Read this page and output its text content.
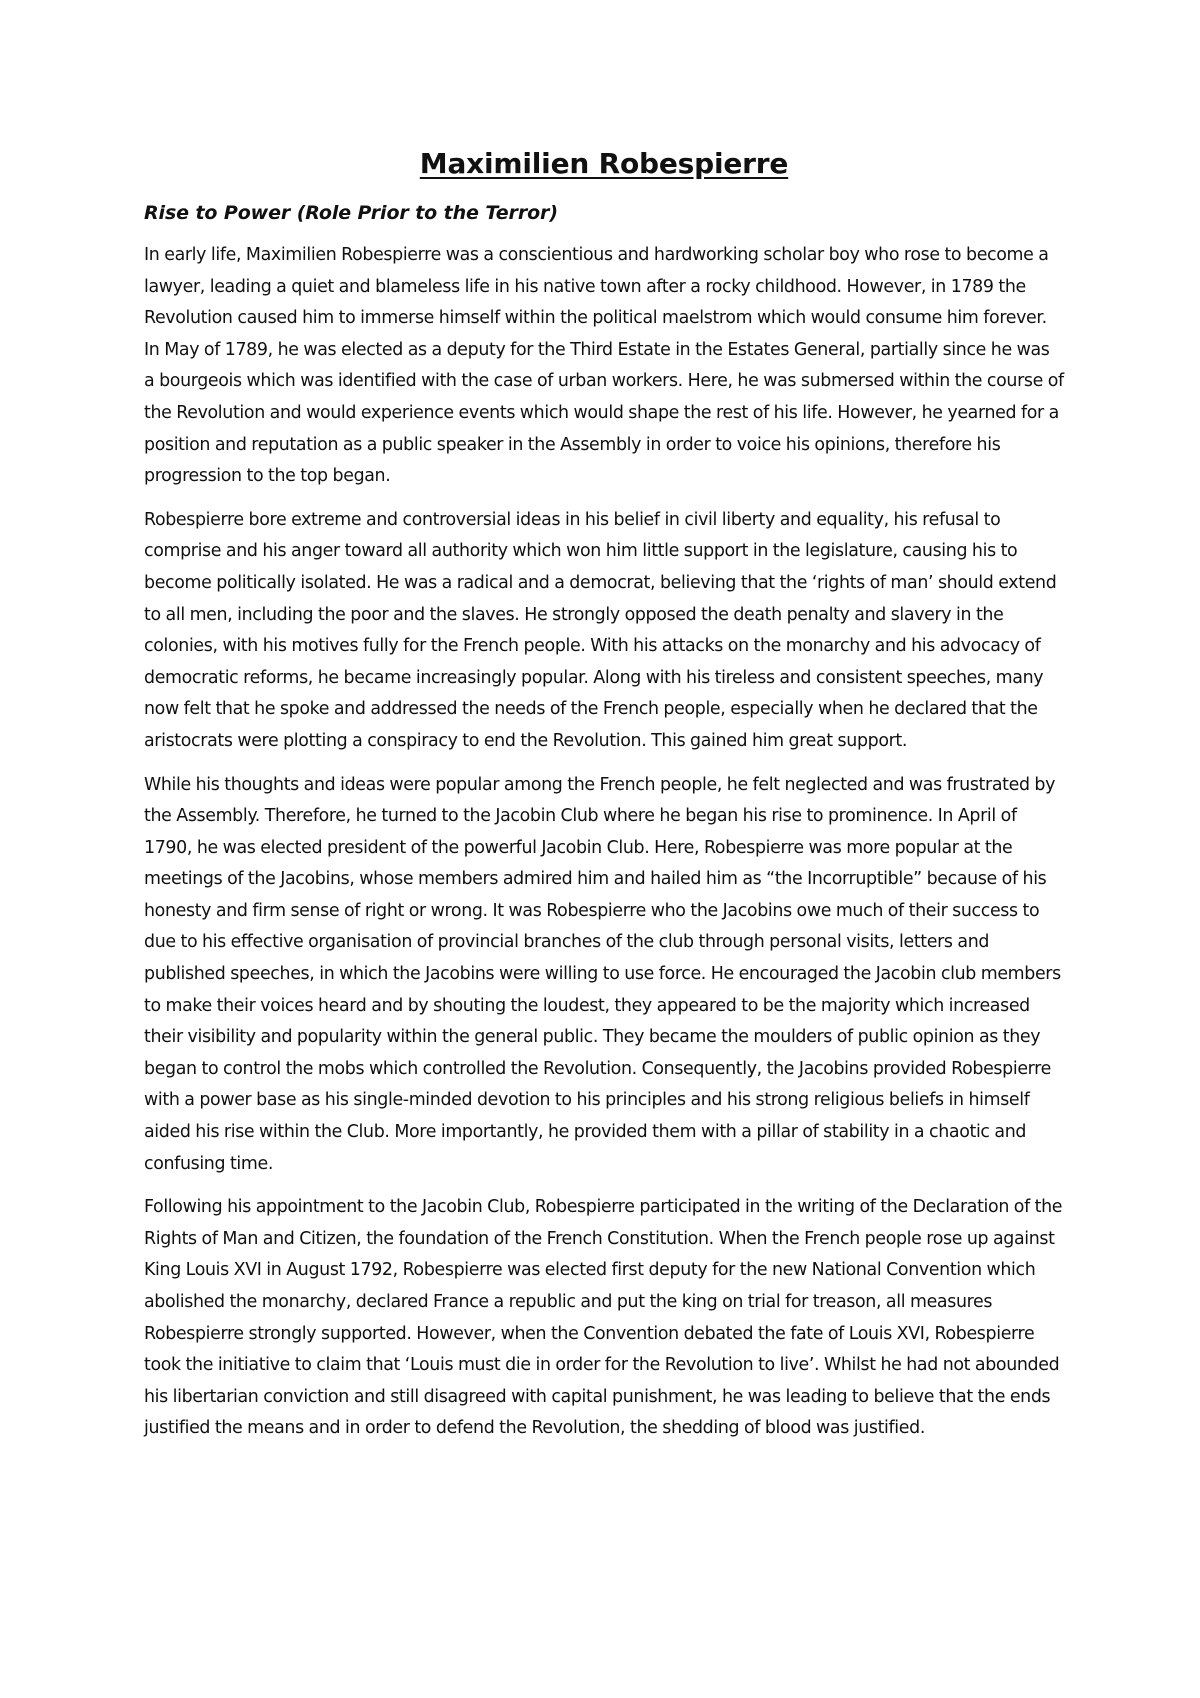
Maximilien Robespierre
Rise to Power (Role Prior to the Terror)

In early life, Maximilien Robespierre was a conscientious and hardworking scholar boy who rose to become a lawyer, leading a quiet and blameless life in his native town after a rocky childhood. However, in 1789 the Revolution caused him to immerse himself within the political maelstrom which would consume him forever. In May of 1789, he was elected as a deputy for the Third Estate in the Estates General, partially since he was a bourgeois which was identified with the case of urban workers. Here, he was submersed within the course of the Revolution and would experience events which would shape the rest of his life. However, he yearned for a position and reputation as a public speaker in the Assembly in order to voice his opinions, therefore his progression to the top began.

Robespierre bore extreme and controversial ideas in his belief in civil liberty and equality, his refusal to comprise and his anger toward all authority which won him little support in the legislature, causing his to become politically isolated. He was a radical and a democrat, believing that the ‘rights of man’ should extend to all men, including the poor and the slaves. He strongly opposed the death penalty and slavery in the colonies, with his motives fully for the French people. With his attacks on the monarchy and his advocacy of democratic reforms, he became increasingly popular. Along with his tireless and consistent speeches, many now felt that he spoke and addressed the needs of the French people, especially when he declared that the aristocrats were plotting a conspiracy to end the Revolution. This gained him great support.

While his thoughts and ideas were popular among the French people, he felt neglected and was frustrated by the Assembly. Therefore, he turned to the Jacobin Club where he began his rise to prominence. In April of 1790, he was elected president of the powerful Jacobin Club. Here, Robespierre was more popular at the meetings of the Jacobins, whose members admired him and hailed him as “the Incorruptible” because of his honesty and firm sense of right or wrong. It was Robespierre who the Jacobins owe much of their success to due to his effective organisation of provincial branches of the club through personal visits, letters and published speeches, in which the Jacobins were willing to use force. He encouraged the Jacobin club members to make their voices heard and by shouting the loudest, they appeared to be the majority which increased their visibility and popularity within the general public. They became the moulders of public opinion as they began to control the mobs which controlled the Revolution. Consequently, the Jacobins provided Robespierre with a power base as his single-minded devotion to his principles and his strong religious beliefs in himself aided his rise within the Club. More importantly, he provided them with a pillar of stability in a chaotic and confusing time.

Following his appointment to the Jacobin Club, Robespierre participated in the writing of the Declaration of the Rights of Man and Citizen, the foundation of the French Constitution. When the French people rose up against King Louis XVI in August 1792, Robespierre was elected first deputy for the new National Convention which abolished the monarchy, declared France a republic and put the king on trial for treason, all measures Robespierre strongly supported. However, when the Convention debated the fate of Louis XVI, Robespierre took the initiative to claim that ‘Louis must die in order for the Revolution to live’. Whilst he had not abounded his libertarian conviction and still disagreed with capital punishment, he was leading to believe that the ends justified the means and in order to defend the Revolution, the shedding of blood was justified.
